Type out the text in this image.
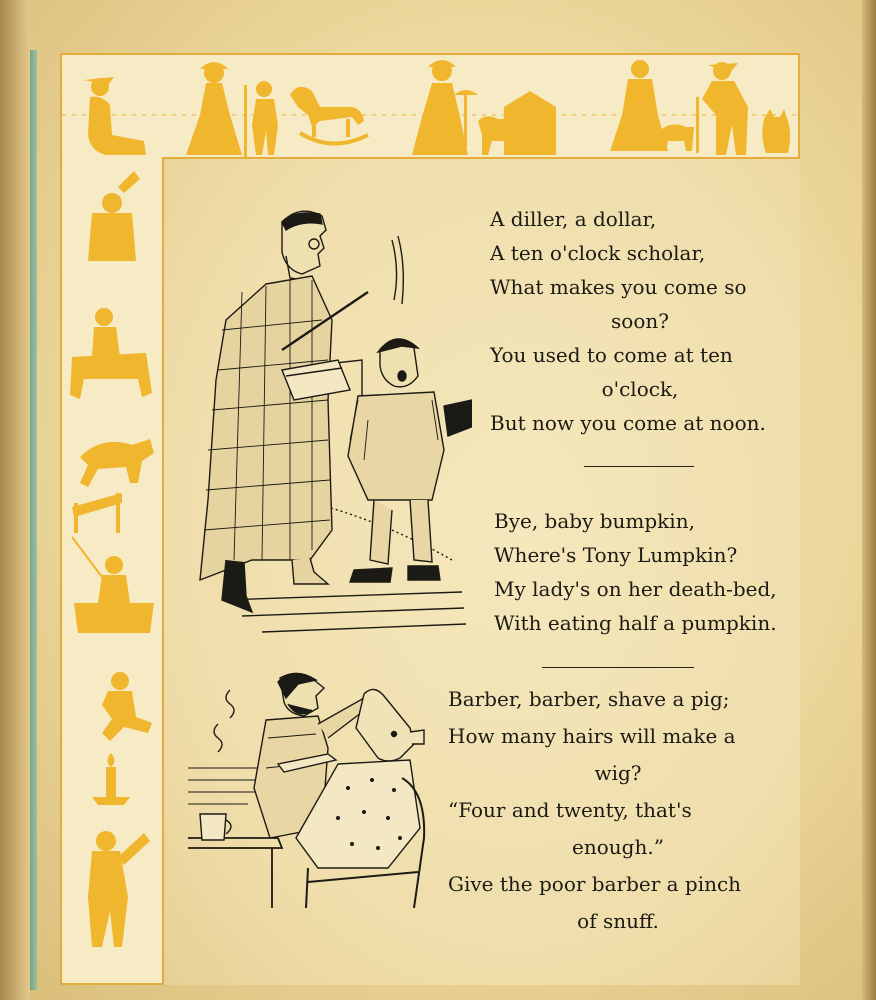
A diller, a dollar,

A ten o'clock scholar,

What makes you come so

soon?

You used to come at ten

o'clock,

But now you come at noon.

Bye, baby bumpkin,

Where's Tony Lumpkin?

My lady's on her death-bed,

With eating half a pumpkin.

Barber, barber, shave a pig;

How many hairs will make a

wig?

“Four and twenty, that's

enough.”

Give the poor barber a pinch

of snuff.
